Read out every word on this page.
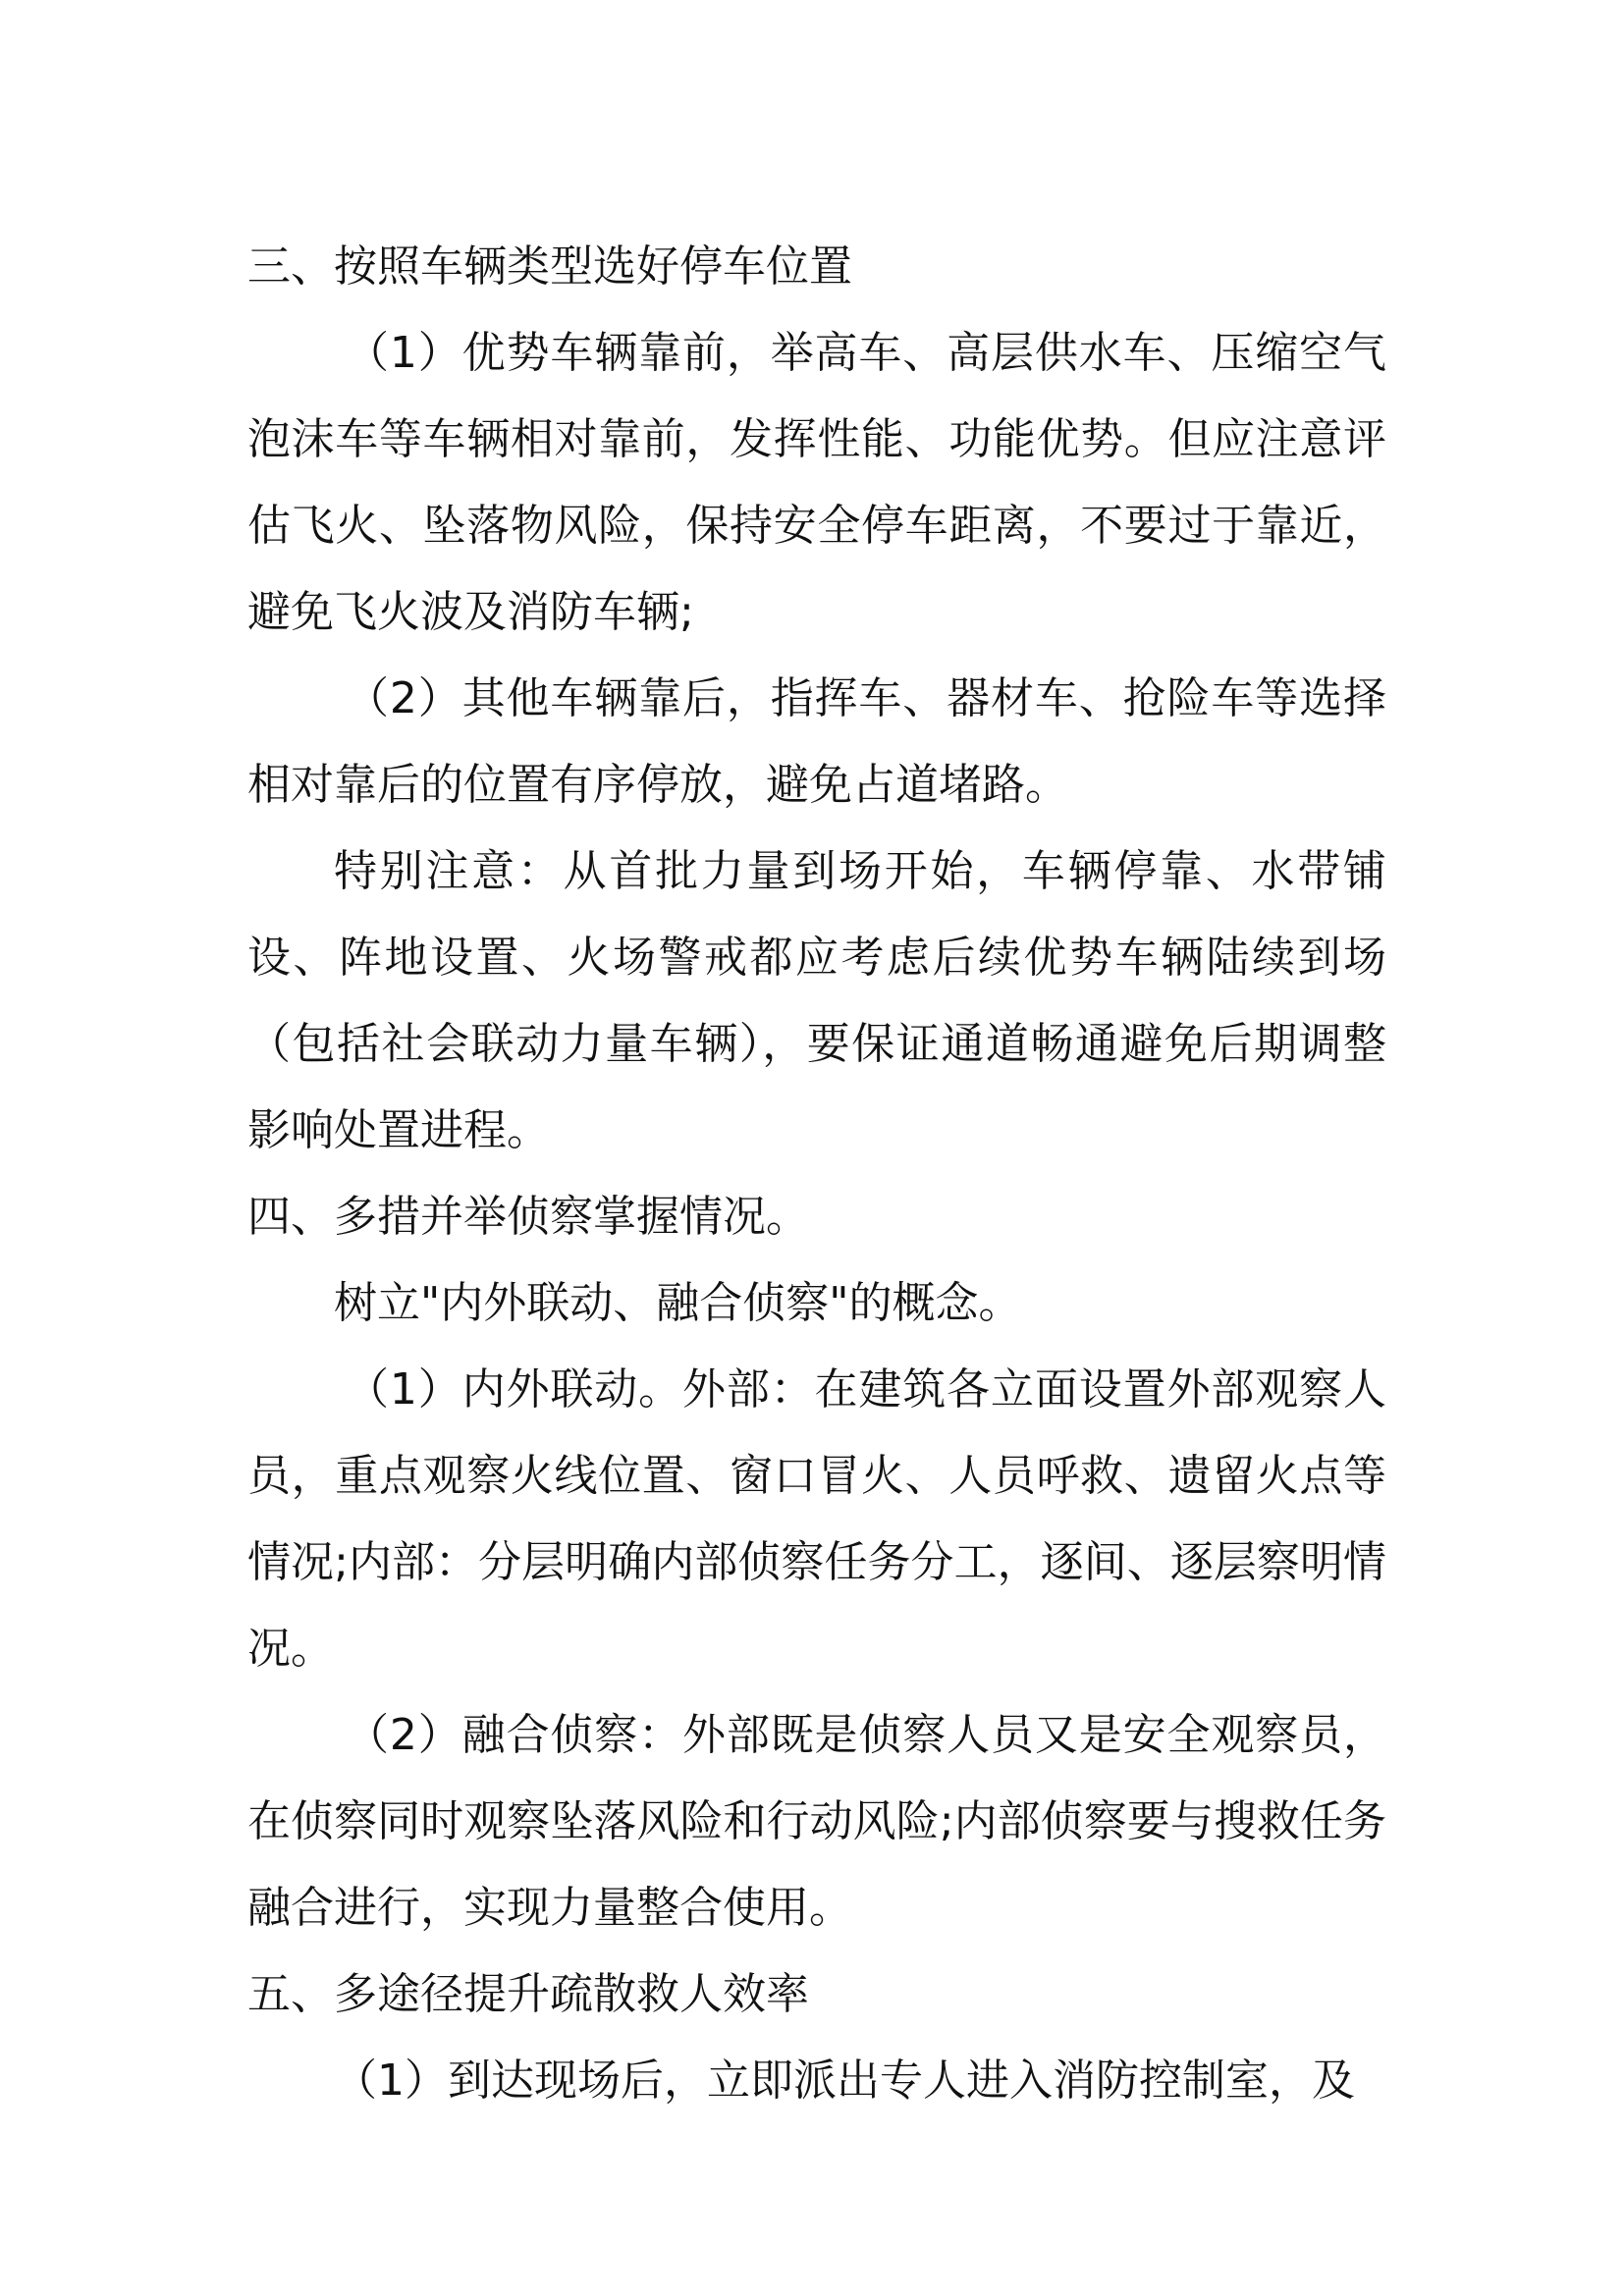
三、按照车辆类型选好停车位置

（1）优势车辆靠前，举高车、高层供水车、压缩空气泡沫车等车辆相对靠前，发挥性能、功能优势。但应注意评估飞火、坠落物风险，保持安全停车距离，不要过于靠近，避免飞火波及消防车辆;

（2）其他车辆靠后，指挥车、器材车、抢险车等选择相对靠后的位置有序停放，避免占道堵路。

特别注意：从首批力量到场开始，车辆停靠、水带铺设、阵地设置、火场警戒都应考虑后续优势车辆陆续到场（包括社会联动力量车辆），要保证通道畅通避免后期调整影响处置进程。

四、多措并举侦察掌握情况。

树立"内外联动、融合侦察"的概念。

（1）内外联动。外部：在建筑各立面设置外部观察人员，重点观察火线位置、窗口冒火、人员呼救、遗留火点等情况;内部：分层明确内部侦察任务分工，逐间、逐层察明情况。

（2）融合侦察：外部既是侦察人员又是安全观察员，在侦察同时观察坠落风险和行动风险;内部侦察要与搜救任务融合进行，实现力量整合使用。

五、多途径提升疏散救人效率

（1）到达现场后，立即派出专人进入消防控制室，及
